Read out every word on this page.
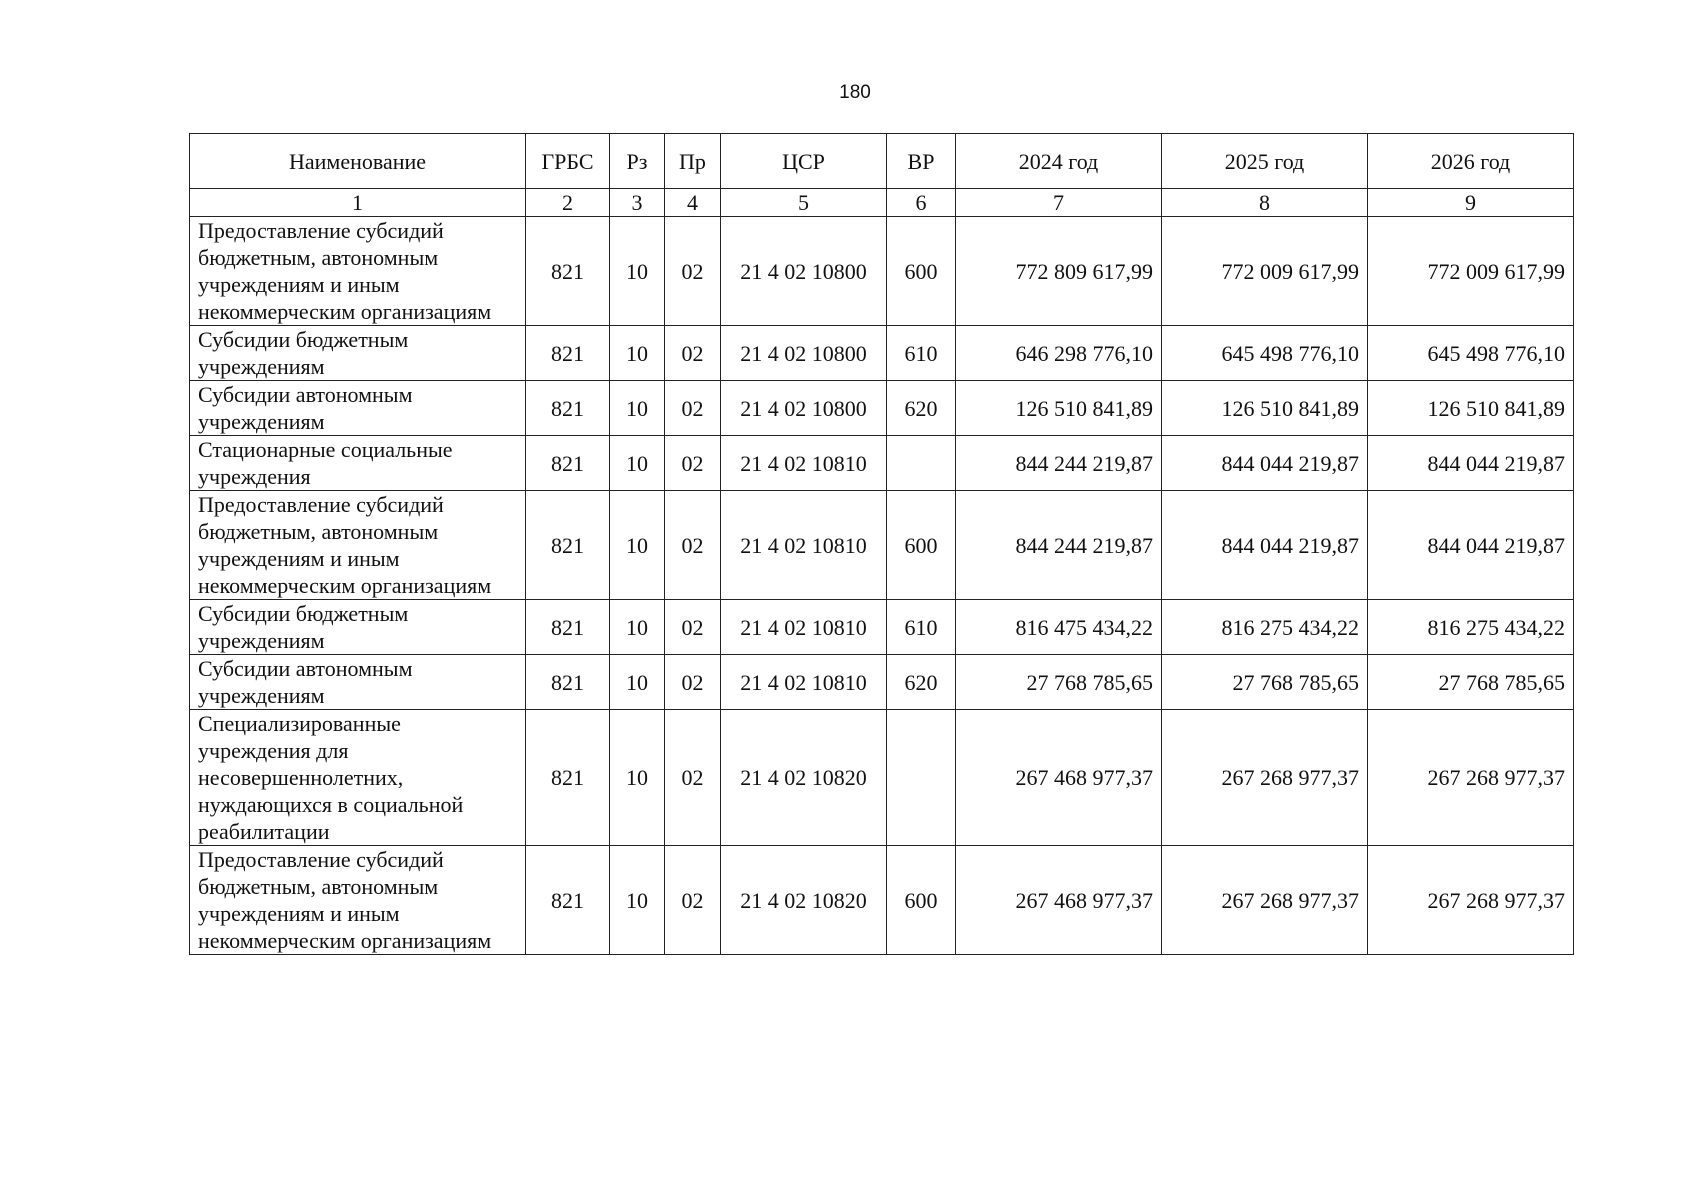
180
Наименование	ГРБС	Рз	Пр	ЦСР	ВР	2024 год	2025 год	2026 год
1	2	3	4	5	6	7	8	9
Предоставление субсидий бюджетным, автономным учреждениям и иным некоммерческим организациям	821	10	02	21 4 02 10800	600	772 809 617,99	772 009 617,99	772 009 617,99
Субсидии бюджетным учреждениям	821	10	02	21 4 02 10800	610	646 298 776,10	645 498 776,10	645 498 776,10
Субсидии автономным учреждениям	821	10	02	21 4 02 10800	620	126 510 841,89	126 510 841,89	126 510 841,89
Стационарные социальные учреждения	821	10	02	21 4 02 10810		844 244 219,87	844 044 219,87	844 044 219,87
Предоставление субсидий бюджетным, автономным учреждениям и иным некоммерческим организациям	821	10	02	21 4 02 10810	600	844 244 219,87	844 044 219,87	844 044 219,87
Субсидии бюджетным учреждениям	821	10	02	21 4 02 10810	610	816 475 434,22	816 275 434,22	816 275 434,22
Субсидии автономным учреждениям	821	10	02	21 4 02 10810	620	27 768 785,65	27 768 785,65	27 768 785,65
Специализированные учреждения для несовершеннолетних, нуждающихся в социальной реабилитации	821	10	02	21 4 02 10820		267 468 977,37	267 268 977,37	267 268 977,37
Предоставление субсидий бюджетным, автономным учреждениям и иным некоммерческим организациям	821	10	02	21 4 02 10820	600	267 468 977,37	267 268 977,37	267 268 977,37
